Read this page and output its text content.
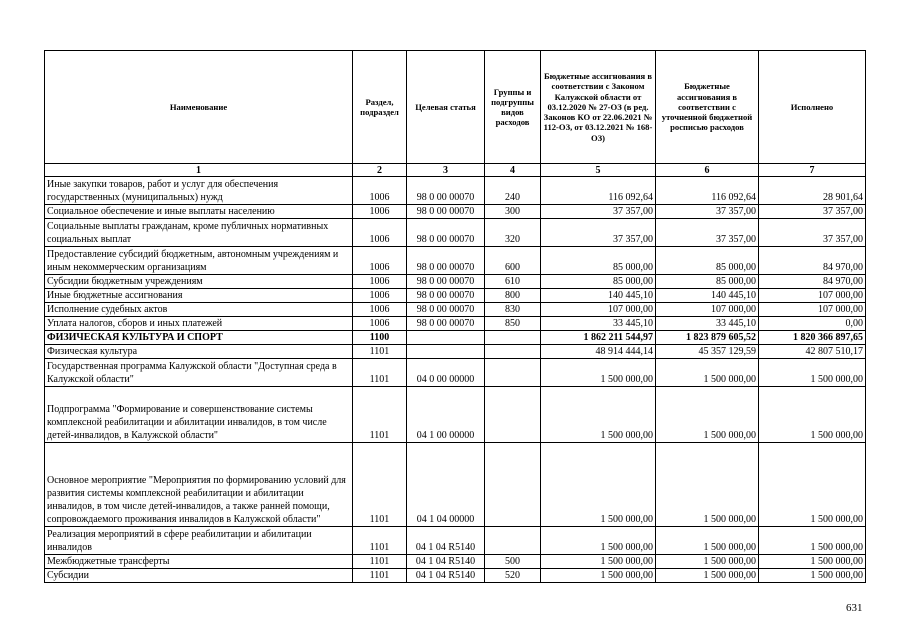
Наименование	Раздел, подраздел	Целевая статья	Группы и подгруппы видов расходов	Бюджетные ассигнования в соответствии с Законом Калужской области от 03.12.2020 № 27-ОЗ (в ред. Законов КО от 22.06.2021 № 112-ОЗ, от 03.12.2021 № 168-ОЗ)	Бюджетные ассигнования в соответствии с уточненной бюджетной росписью расходов	Исполнено
1	2	3	4	5	6	7
Иные закупки товаров, работ и услуг для обеспечения государственных (муниципальных) нужд	1006	98 0 00 00070	240	116 092,64	116 092,64	28 901,64
Социальное обеспечение и иные выплаты населению	1006	98 0 00 00070	300	37 357,00	37 357,00	37 357,00
Социальные выплаты гражданам, кроме публичных нормативных социальных выплат	1006	98 0 00 00070	320	37 357,00	37 357,00	37 357,00
Предоставление субсидий бюджетным, автономным учреждениям и иным некоммерческим организациям	1006	98 0 00 00070	600	85 000,00	85 000,00	84 970,00
Субсидии бюджетным учреждениям	1006	98 0 00 00070	610	85 000,00	85 000,00	84 970,00
Иные бюджетные ассигнования	1006	98 0 00 00070	800	140 445,10	140 445,10	107 000,00
Исполнение судебных актов	1006	98 0 00 00070	830	107 000,00	107 000,00	107 000,00
Уплата налогов, сборов и иных платежей	1006	98 0 00 00070	850	33 445,10	33 445,10	0,00
ФИЗИЧЕСКАЯ КУЛЬТУРА И СПОРТ	1100			1 862 211 544,97	1 823 879 605,52	1 820 366 897,65
Физическая культура	1101			48 914 444,14	45 357 129,59	42 807 510,17
Государственная программа Калужской области "Доступная среда в Калужской области"	1101	04 0 00 00000		1 500 000,00	1 500 000,00	1 500 000,00
Подпрограмма "Формирование и совершенствование системы комплексной реабилитации и абилитации инвалидов, в том числе детей-инвалидов, в Калужской области"	1101	04 1 00 00000		1 500 000,00	1 500 000,00	1 500 000,00
Основное мероприятие "Мероприятия по формированию условий для развития системы комплексной реабилитации и абилитации инвалидов, в том числе детей-инвалидов, а также ранней помощи, сопровождаемого проживания инвалидов в Калужской области"	1101	04 1 04 00000		1 500 000,00	1 500 000,00	1 500 000,00
Реализация мероприятий в сфере реабилитации и абилитации инвалидов	1101	04 1 04 R5140		1 500 000,00	1 500 000,00	1 500 000,00
Межбюджетные трансферты	1101	04 1 04 R5140	500	1 500 000,00	1 500 000,00	1 500 000,00
Субсидии	1101	04 1 04 R5140	520	1 500 000,00	1 500 000,00	1 500 000,00
631
